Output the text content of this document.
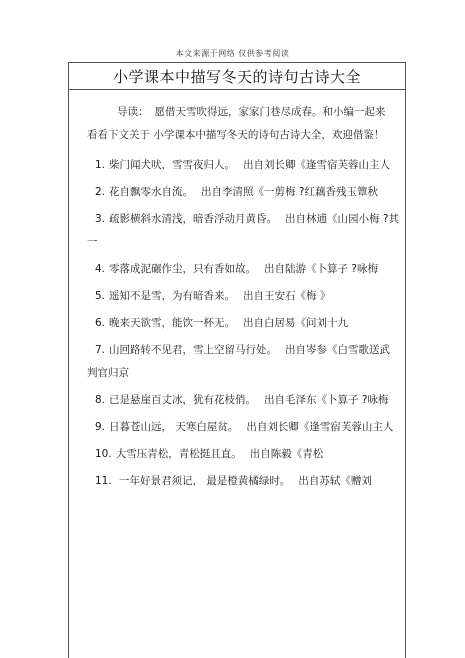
本文来源于网络 仅供参考阅读
小学课本中描写冬天的诗句古诗大全
导读： 愿借天雪吹得远，家家门巷尽成春。和小编一起来 看看下文关于 小学课本中描写冬天的诗句古诗大全，欢迎借鉴！
1. 柴门闻犬吠，雪雪夜归人。 出自刘长卿《逢雪宿芙蓉山主人
2. 花自飘零水自流。 出自李清照《一剪梅 ?红藕香残玉簟秋
3. 疏影横斜水清浅，暗香浮动月黄昏。 出自林逋《山园小梅 ?其一
4. 零落成泥碾作尘，只有香如故。 出自陆游《卜算子 ?咏梅
5. 遥知不是雪，为有暗香来。 出自王安石《梅 》
6. 晚来天欲雪，能饮一杯无。 出自白居易《问刘十九
7. 山回路转不见君，雪上空留马行处。 出自岑参《白雪歌送武判官归京
8. 已是悬崖百丈冰，犹有花枝俏。 出自毛泽东《卜算子 ?咏梅
9. 日暮苍山远， 天寒白屋贫。 出自刘长卿《逢雪宿芙蓉山主人
10. 大雪压青松，青松挺且直。 出自陈毅《青松
11. 一年好景君须记， 最是橙黄橘绿时。 出自苏轼《赠刘
